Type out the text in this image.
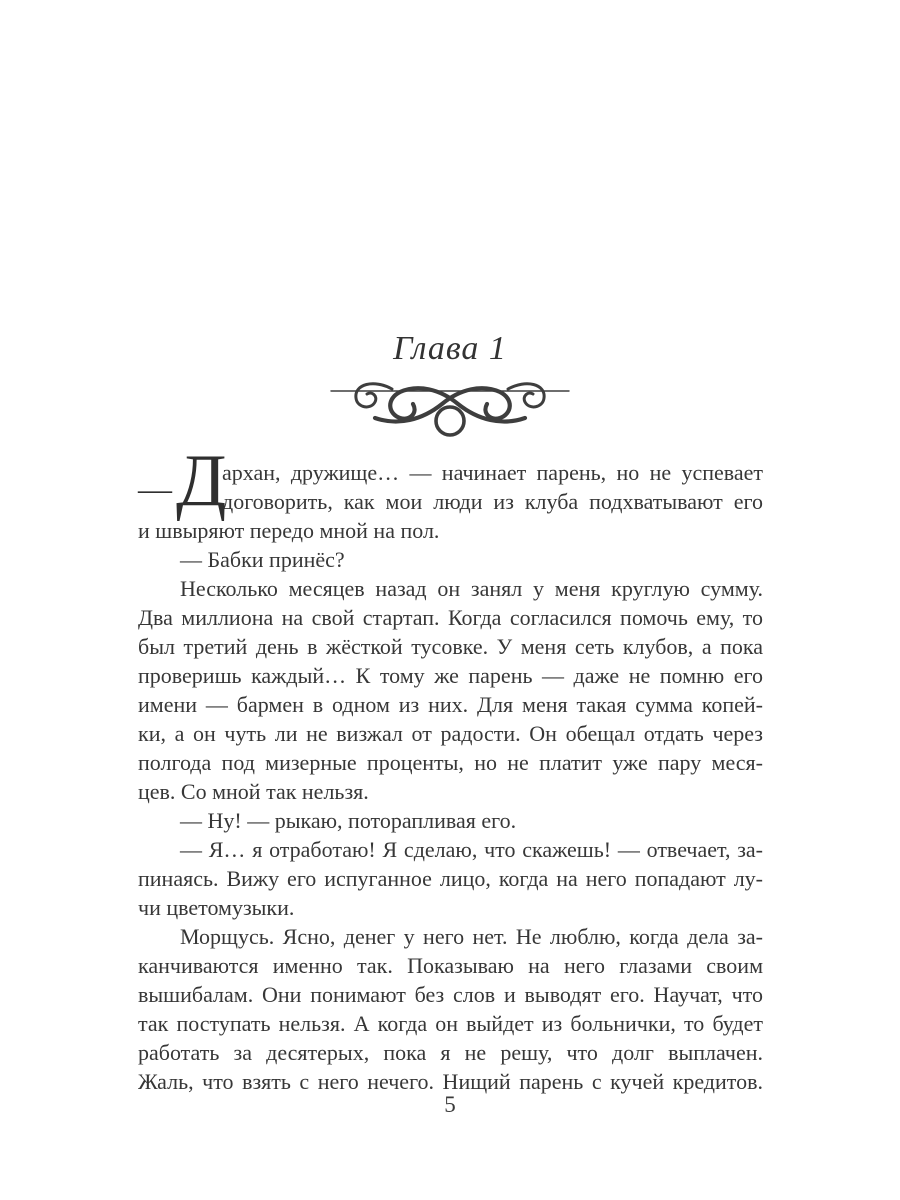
Глава 1
— Д
архан, дружище… — начинает парень, но не успевает
договорить, как мои люди из клуба подхватывают его
и швыряют передо мной на пол.
— Бабки принёс?
Несколько месяцев назад он занял у меня круглую сумму.
Два миллиона на свой стартап. Когда согласился помочь ему, то
был третий день в жёсткой тусовке. У меня сеть клубов, а пока
проверишь каждый… К тому же парень — даже не помню его
имени — бармен в одном из них. Для меня такая сумма копей-
ки, а он чуть ли не визжал от радости. Он обещал отдать через
полгода под мизерные проценты, но не платит уже пару меся-
цев. Со мной так нельзя.
— Ну! — рыкаю, поторапливая его.
— Я… я отработаю! Я сделаю, что скажешь! — отвечает, за-
пинаясь. Вижу его испуганное лицо, когда на него попадают лу-
чи цветомузыки.
Морщусь. Ясно, денег у него нет. Не люблю, когда дела за-
канчиваются именно так. Показываю на него глазами своим
вышибалам. Они понимают без слов и выводят его. Научат, что
так поступать нельзя. А когда он выйдет из больнички, то будет
работать за десятерых, пока я не решу, что долг выплачен.
Жаль, что взять с него нечего. Нищий парень с кучей кредитов.
5
